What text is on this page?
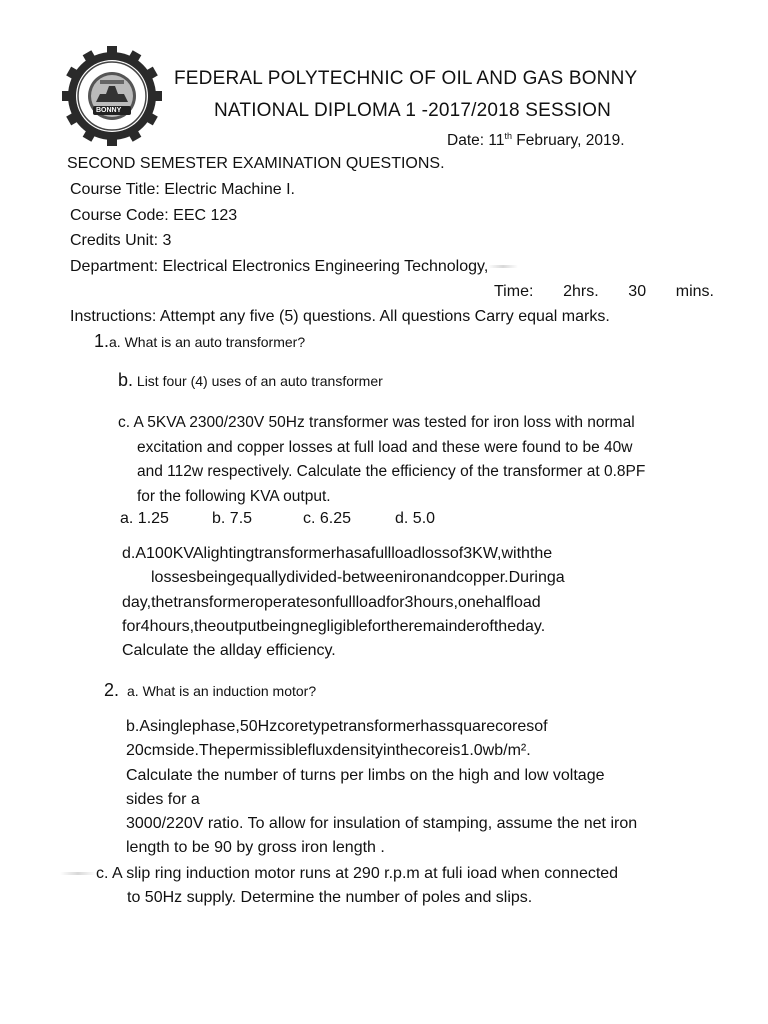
BONNY
FEDERAL POLYTECHNIC OF OIL AND GAS BONNY
NATIONAL DIPLOMA 1 -2017/2018 SESSION
Date: 11th February, 2019.
SECOND SEMESTER EXAMINATION QUESTIONS.
Course Title: Electric Machine I.
Course Code: EEC 123
Credits Unit: 3
Department: Electrical Electronics Engineering Technology,
Time: 2hrs. 30 mins.
Instructions: Attempt any five (5) questions. All questions Carry equal marks.
1.a. What is an auto transformer?
b. List four (4) uses of an auto transformer
c. A 5KVA 2300/230V 50Hz transformer was tested for iron loss with normal
excitation and copper losses at full load and these were found to be 40w
and 112w respectively. Calculate the efficiency of the transformer at 0.8PF
for the following KVA output.
a. 1.25	b. 7.5	c. 6.25	d. 5.0
d.A100KVAlightingtransformerhasafullloadlossof3KW,withthe
lossesbeingequallydivided-betweenironandcopper.Duringa
day,thetransformeroperatesonfullloadfor3hours,onehalfload
for4hours,theoutputbeingnegligiblefortheremainderoftheday.
Calculate the allday efficiency.
2. a. What is an induction motor?
b.Asinglephase,50Hzcoretypetransformerhassquarecoresof
20cmside.Thepermissiblefluxdensityinthecoreis1.0wb/m².
Calculate the number of turns per limbs on the high and low voltage
sides for a
3000/220V ratio. To allow for insulation of stamping, assume the net iron
length to be 90 by gross iron length .
c. A slip ring induction motor runs at 290 r.p.m at fuli ioad when connected
to 50Hz supply. Determine the number of poles and slips.
